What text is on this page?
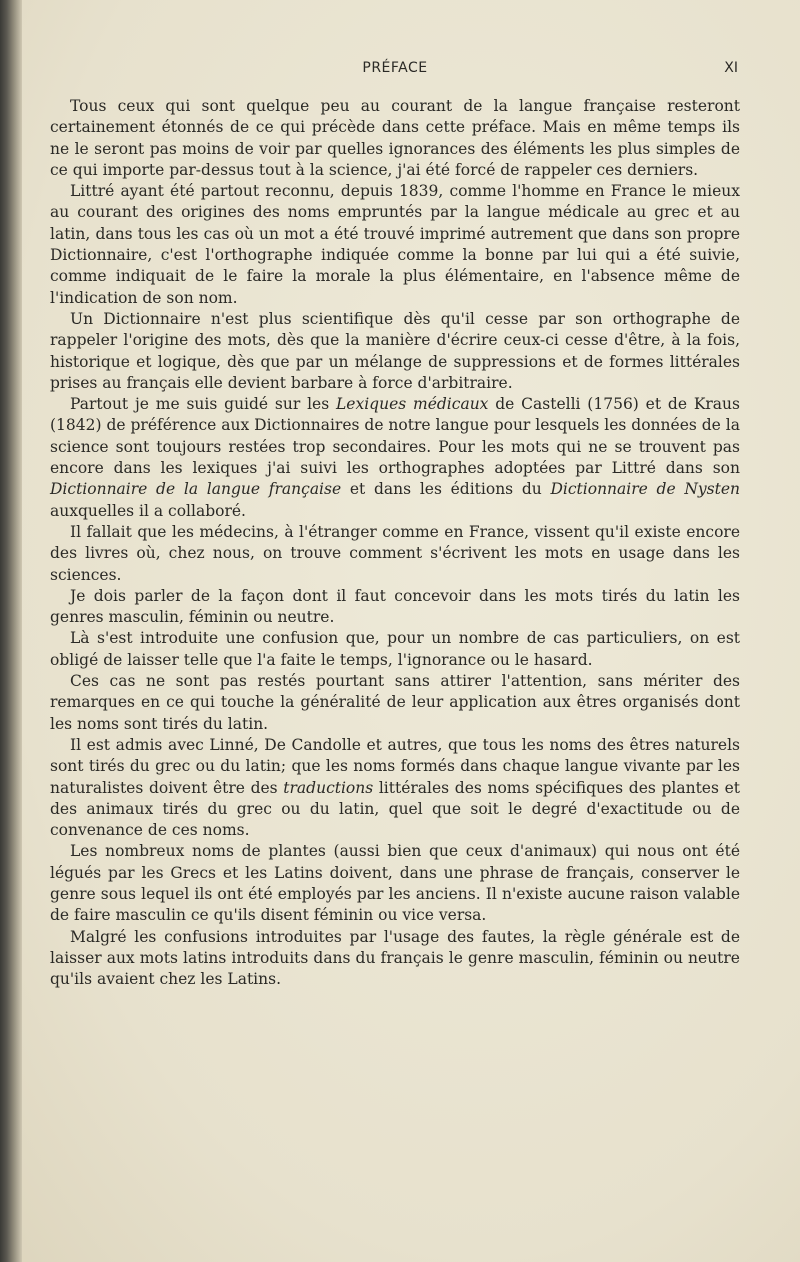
PRÉFACE	XI

Tous ceux qui sont quelque peu au courant de la langue française resteront certainement étonnés de ce qui précède dans cette préface. Mais en même temps ils ne le seront pas moins de voir par quelles ignorances des éléments les plus simples de ce qui importe par-dessus tout à la science, j'ai été forcé de rappeler ces derniers.

Littré ayant été partout reconnu, depuis 1839, comme l'homme en France le mieux au courant des origines des noms empruntés par la langue médicale au grec et au latin, dans tous les cas où un mot a été trouvé imprimé autrement que dans son propre Dictionnaire, c'est l'orthographe indiquée comme la bonne par lui qui a été suivie, comme indiquait de le faire la morale la plus élémentaire, en l'absence même de l'indication de son nom.

Un Dictionnaire n'est plus scientifique dès qu'il cesse par son orthographe de rappeler l'origine des mots, dès que la manière d'écrire ceux-ci cesse d'être, à la fois, historique et logique, dès que par un mélange de suppressions et de formes littérales prises au français elle devient barbare à force d'arbitraire.

Partout je me suis guidé sur les Lexiques médicaux de Castelli (1756) et de Kraus (1842) de préférence aux Dictionnaires de notre langue pour lesquels les données de la science sont toujours restées trop secondaires. Pour les mots qui ne se trouvent pas encore dans les lexiques j'ai suivi les orthographes adoptées par Littré dans son Dictionnaire de la langue française et dans les éditions du Dictionnaire de Nysten auxquelles il a collaboré.

Il fallait que les médecins, à l'étranger comme en France, vissent qu'il existe encore des livres où, chez nous, on trouve comment s'écrivent les mots en usage dans les sciences.

Je dois parler de la façon dont il faut concevoir dans les mots tirés du latin les genres masculin, féminin ou neutre.

Là s'est introduite une confusion que, pour un nombre de cas particuliers, on est obligé de laisser telle que l'a faite le temps, l'ignorance ou le hasard.

Ces cas ne sont pas restés pourtant sans attirer l'attention, sans mériter des remarques en ce qui touche la généralité de leur application aux êtres organisés dont les noms sont tirés du latin.

Il est admis avec Linné, De Candolle et autres, que tous les noms des êtres naturels sont tirés du grec ou du latin; que les noms formés dans chaque langue vivante par les naturalistes doivent être des traductions littérales des noms spécifiques des plantes et des animaux tirés du grec ou du latin, quel que soit le degré d'exactitude ou de convenance de ces noms.

Les nombreux noms de plantes (aussi bien que ceux d'animaux) qui nous ont été légués par les Grecs et les Latins doivent, dans une phrase de français, conserver le genre sous lequel ils ont été employés par les anciens. Il n'existe aucune raison valable de faire masculin ce qu'ils disent féminin ou vice versa.

Malgré les confusions introduites par l'usage des fautes, la règle générale est de laisser aux mots latins introduits dans du français le genre masculin, féminin ou neutre qu'ils avaient chez les Latins.
